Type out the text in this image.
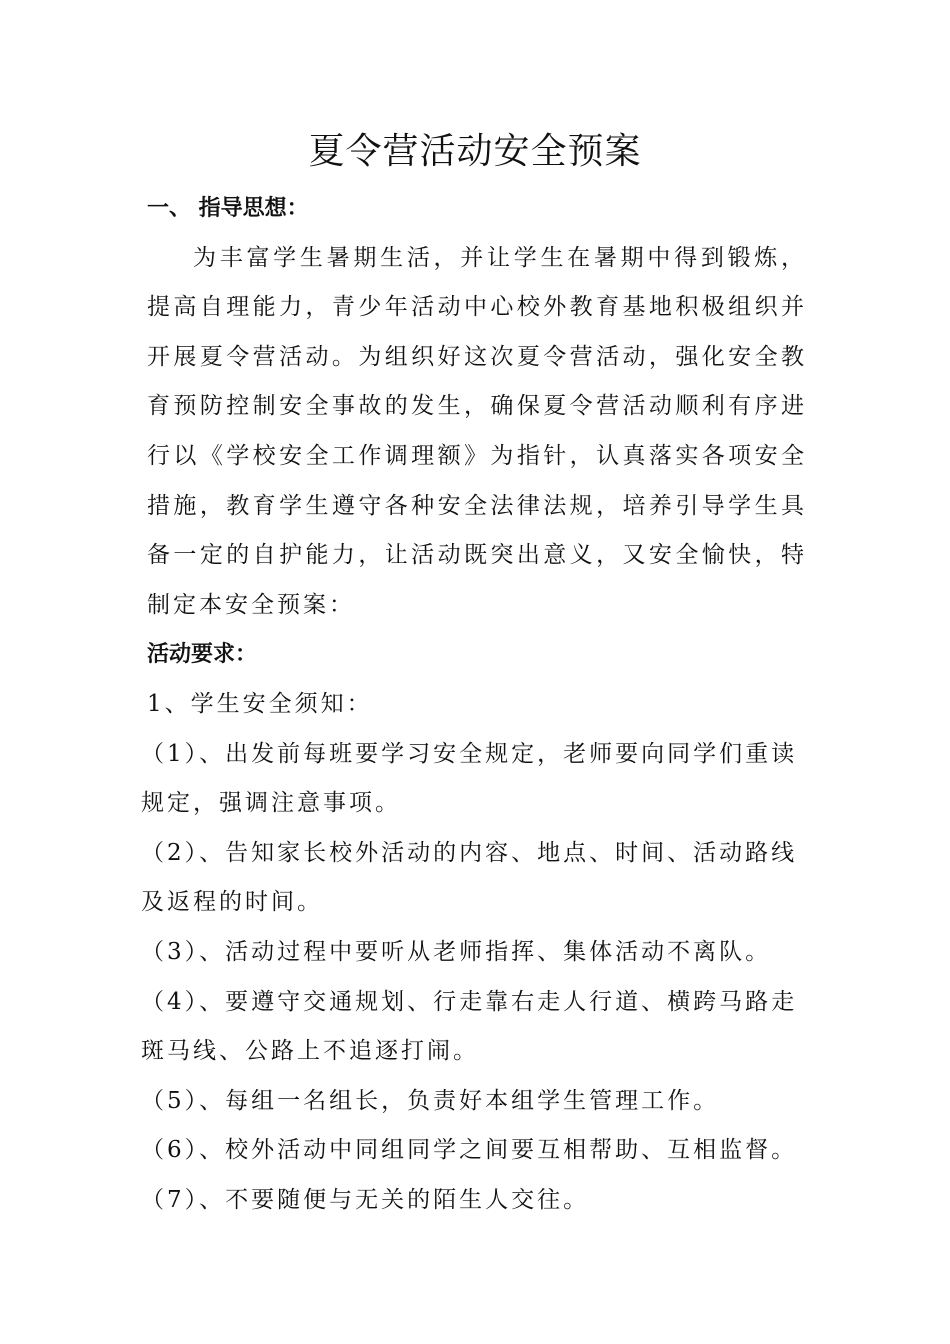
夏令营活动安全预案

一、 指导思想：

为丰富学生暑期生活，并让学生在暑期中得到锻炼，提高自理能力，青少年活动中心校外教育基地积极组织并开展夏令营活动。为组织好这次夏令营活动，强化安全教育预防控制安全事故的发生，确保夏令营活动顺利有序进行以《学校安全工作调理额》为指针，认真落实各项安全措施，教育学生遵守各种安全法律法规，培养引导学生具备一定的自护能力，让活动既突出意义，又安全愉快，特制定本安全预案：

活动要求：

1、学生安全须知：

（1）、出发前每班要学习安全规定，老师要向同学们重读规定，强调注意事项。

（2）、告知家长校外活动的内容、地点、时间、活动路线及返程的时间。

（3）、活动过程中要听从老师指挥、集体活动不离队。

（4）、要遵守交通规划、行走靠右走人行道、横跨马路走斑马线、公路上不追逐打闹。

（5）、每组一名组长，负责好本组学生管理工作。

（6）、校外活动中同组同学之间要互相帮助、互相监督。

（7）、不要随便与无关的陌生人交往。
